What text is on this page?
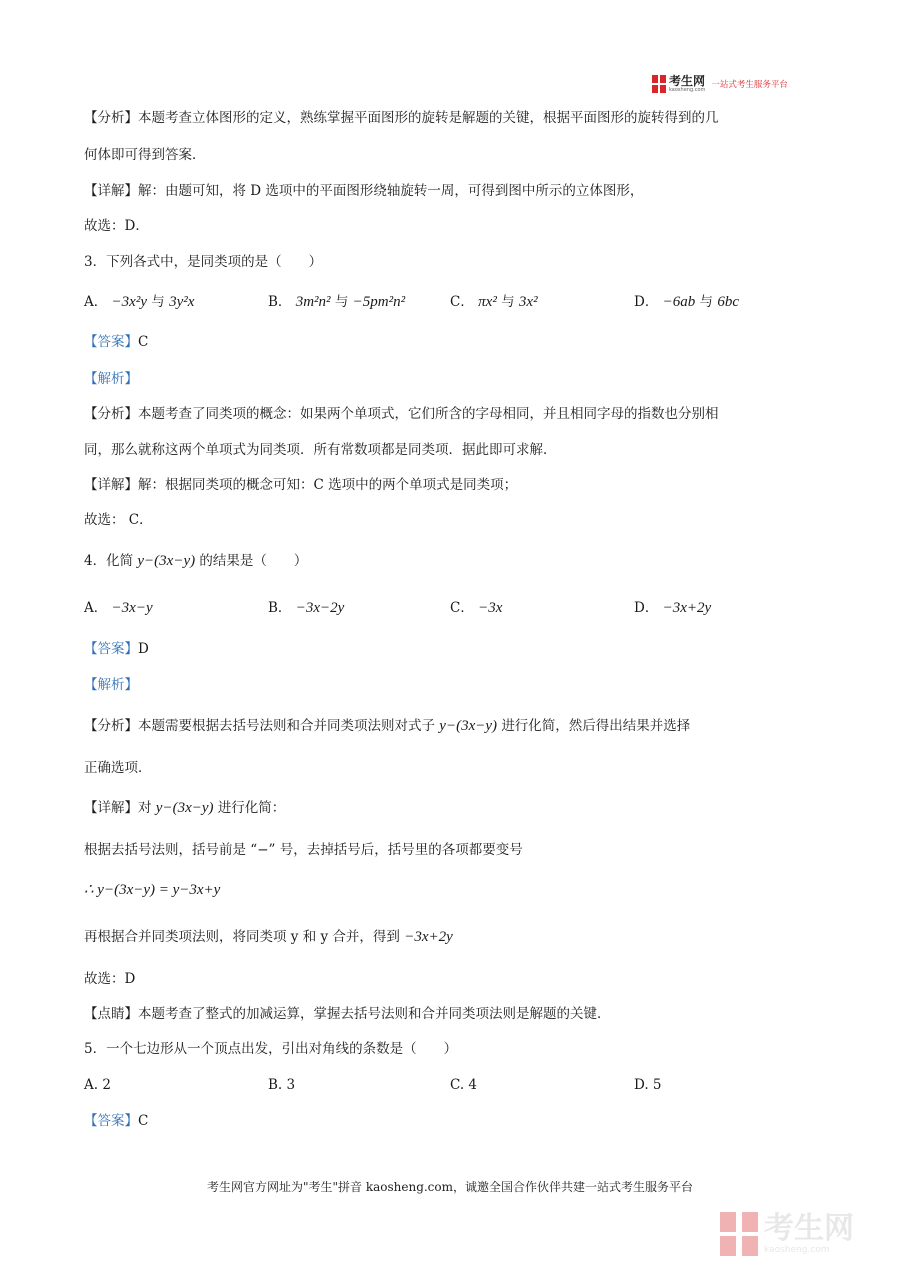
考生网
kaosheng.com 一站式考生服务平台
【分析】本题考查立体图形的定义，熟练掌握平面图形的旋转是解题的关键，根据平面图形的旋转得到的几
何体即可得到答案．
【详解】解：由题可知，将 D 选项中的平面图形绕轴旋转一周，可得到图中所示的立体图形，
故选：D．
3．下列各式中，是同类项的是（　　）
A． −3x²y 与 3y²x	B． 3m²n² 与 −5pm²n²	C． πx² 与 3x²	D． −6ab 与 6bc
【答案】C
【解析】
【分析】本题考查了同类项的概念：如果两个单项式，它们所含的字母相同，并且相同字母的指数也分别相
同，那么就称这两个单项式为同类项．所有常数项都是同类项．据此即可求解．
【详解】解：根据同类项的概念可知：C 选项中的两个单项式是同类项；
故选： C．
4．化简 y−(3x−y) 的结果是（　　）
A． −3x−y	B． −3x−2y	C． −3x	D． −3x+2y
【答案】D
【解析】
【分析】本题需要根据去括号法则和合并同类项法则对式子 y−(3x−y) 进行化简，然后得出结果并选择
正确选项．
【详解】对 y−(3x−y) 进行化简：
根据去括号法则，括号前是 “−” 号，去掉括号后，括号里的各项都要变号
∴ y−(3x−y) = y−3x+y
再根据合并同类项法则，将同类项 y 和 y 合并，得到 −3x+2y
故选：D
【点睛】本题考查了整式的加减运算，掌握去括号法则和合并同类项法则是解题的关键．
5．一个七边形从一个顶点出发，引出对角线的条数是（　　）
A. 2	B. 3	C. 4	D. 5
【答案】C
考生网官方网址为"考生"拼音 kaosheng.com，诚邀全国合作伙伴共建一站式考生服务平台
考生网
kaosheng.com
